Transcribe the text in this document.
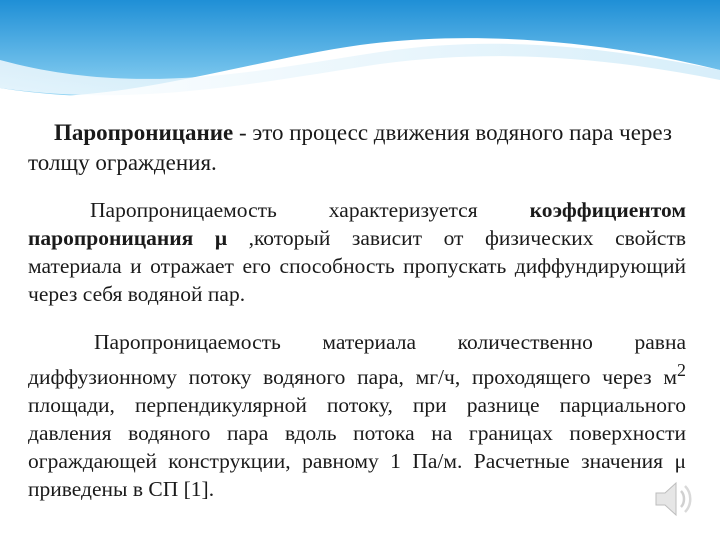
Паропроницание - это процесс движения водяного пара через толщу ограждения.

Паропроницаемость характеризуется коэффициентом паропроницания μ ,который зависит от физических свойств материала и отражает его способность пропускать диффундирующий через себя водяной пар.

Паропроницаемость материала количественно равна диффузионному потоку водяного пара, мг/ч, проходящего через $м^2$ площади, перпендикулярной потоку, при разнице парциального давления водяного пара вдоль потока на границах поверхности ограждающей конструкции, равному 1 Па/м. Расчетные значения μ приведены в СП [1].
